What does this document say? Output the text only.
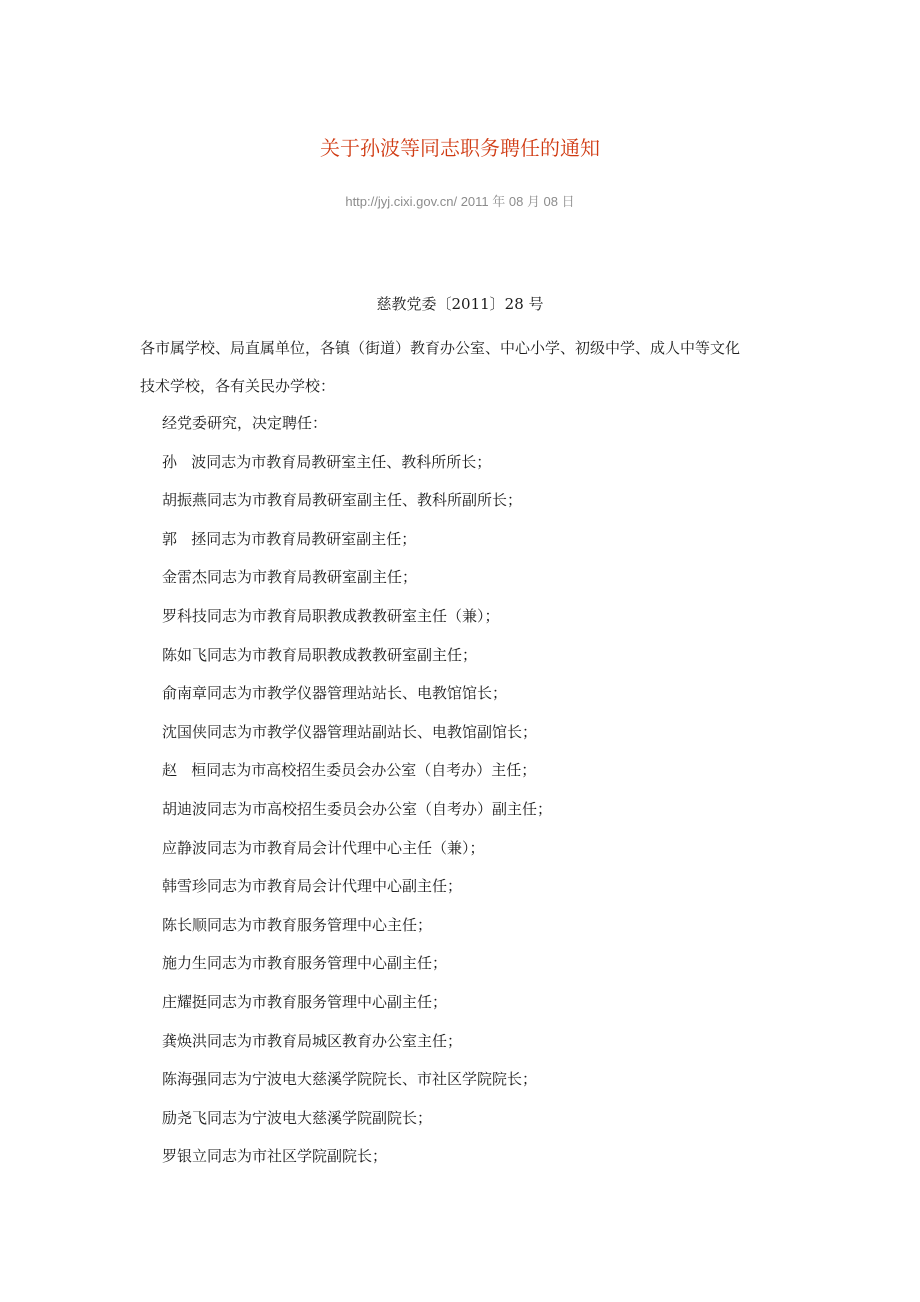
关于孙波等同志职务聘任的通知
http://jyj.cixi.gov.cn/ 2011 年 08 月 08 日
慈教党委〔2011〕28 号
各市属学校、局直属单位，各镇（街道）教育办公室、中心小学、初级中学、成人中等文化
技术学校，各有关民办学校：
经党委研究，决定聘任：
孙   波同志为市教育局教研室主任、教科所所长；
胡振燕同志为市教育局教研室副主任、教科所副所长；
郭   拯同志为市教育局教研室副主任；
金雷杰同志为市教育局教研室副主任；
罗科技同志为市教育局职教成教教研室主任（兼）；
陈如飞同志为市教育局职教成教教研室副主任；
俞南章同志为市教学仪器管理站站长、电教馆馆长；
沈国侠同志为市教学仪器管理站副站长、电教馆副馆长；
赵   桓同志为市高校招生委员会办公室（自考办）主任；
胡迪波同志为市高校招生委员会办公室（自考办）副主任；
应静波同志为市教育局会计代理中心主任（兼）；
韩雪珍同志为市教育局会计代理中心副主任；
陈长顺同志为市教育服务管理中心主任；
施力生同志为市教育服务管理中心副主任；
庄耀挺同志为市教育服务管理中心副主任；
龚焕洪同志为市教育局城区教育办公室主任；
陈海强同志为宁波电大慈溪学院院长、市社区学院院长；
励尧飞同志为宁波电大慈溪学院副院长；
罗银立同志为市社区学院副院长；
